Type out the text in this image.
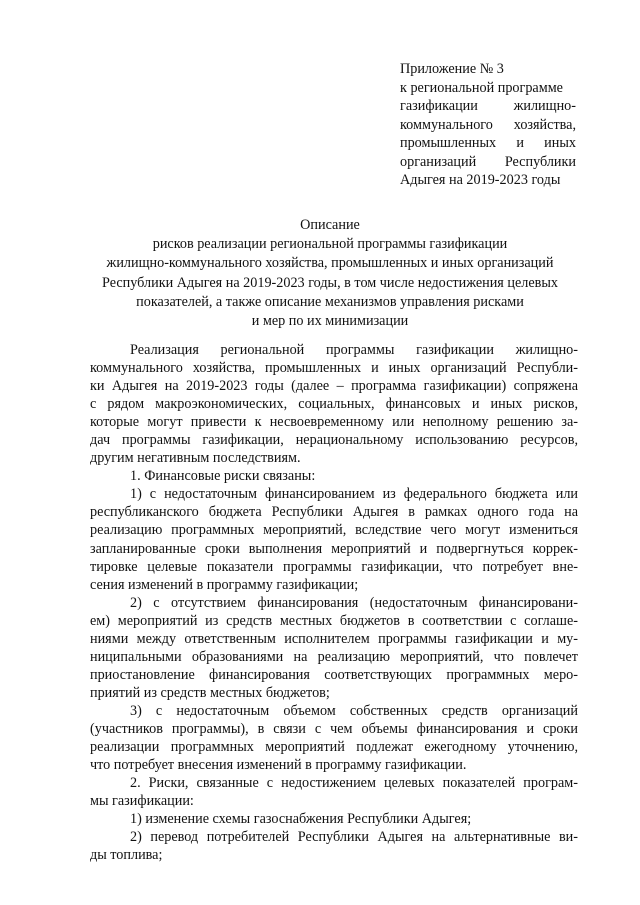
Приложение № 3
к региональной программе
газификации жилищно-
коммунального хозяйства,
промышленных и иных
организаций Республики
Адыгея на 2019-2023 годы
Описание
рисков реализации региональной программы газификации
жилищно-коммунального хозяйства, промышленных и иных организаций
Республики Адыгея на 2019-2023 годы, в том числе недостижения целевых
показателей, а также описание механизмов управления рисками
и мер по их минимизации
Реализация региональной программы газификации жилищно-
коммунального хозяйства, промышленных и иных организаций Республи-
ки Адыгея на 2019-2023 годы (далее – программа газификации) сопряжена
с рядом макроэкономических, социальных, финансовых и иных рисков,
которые могут привести к несвоевременному или неполному решению за-
дач программы газификации, нерациональному использованию ресурсов,
другим негативным последствиям.
1. Финансовые риски связаны:
1) с недостаточным финансированием из федерального бюджета или
республиканского бюджета Республики Адыгея в рамках одного года на
реализацию программных мероприятий, вследствие чего могут измениться
запланированные сроки выполнения мероприятий и подвергнуться коррек-
тировке целевые показатели программы газификации, что потребует вне-
сения изменений в программу газификации;
2) с отсутствием финансирования (недостаточным финансировани-
ем) мероприятий из средств местных бюджетов в соответствии с соглаше-
ниями между ответственным исполнителем программы газификации и му-
ниципальными образованиями на реализацию мероприятий, что повлечет
приостановление финансирования соответствующих программных меро-
приятий из средств местных бюджетов;
3) с недостаточным объемом собственных средств организаций
(участников программы), в связи с чем объемы финансирования и сроки
реализации программных мероприятий подлежат ежегодному уточнению,
что потребует внесения изменений в программу газификации.
2. Риски, связанные с недостижением целевых показателей програм-
мы газификации:
1) изменение схемы газоснабжения Республики Адыгея;
2) перевод потребителей Республики Адыгея на альтернативные ви-
ды топлива;
